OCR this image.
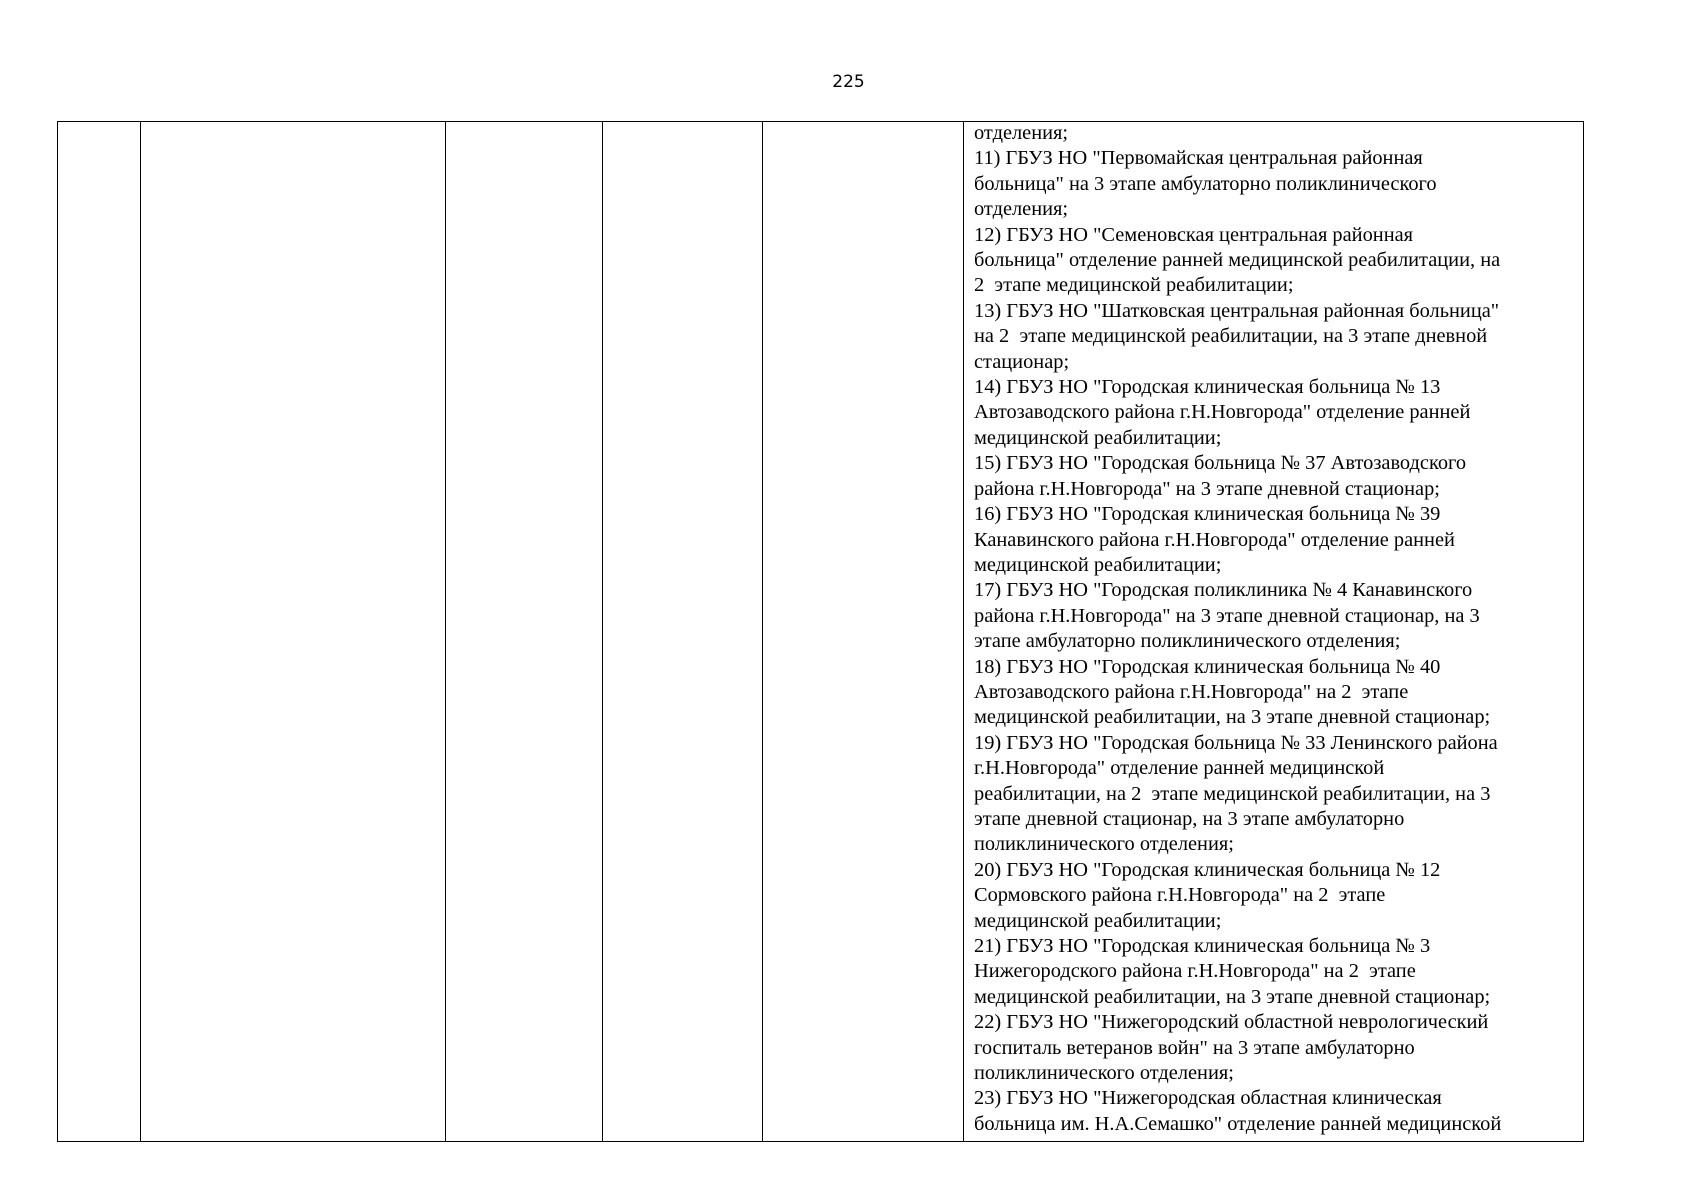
225

отделения;
11) ГБУЗ НО "Первомайская центральная районная
больница" на 3 этапе амбулаторно поликлинического
отделения;
12) ГБУЗ НО "Семеновская центральная районная
больница" отделение ранней медицинской реабилитации, на
2  этапе медицинской реабилитации;
13) ГБУЗ НО "Шатковская центральная районная больница"
на 2  этапе медицинской реабилитации, на 3 этапе дневной
стационар;
14) ГБУЗ НО "Городская клиническая больница № 13
Автозаводского района г.Н.Новгорода" отделение ранней
медицинской реабилитации;
15) ГБУЗ НО "Городская больница № 37 Автозаводского
района г.Н.Новгорода" на 3 этапе дневной стационар;
16) ГБУЗ НО "Городская клиническая больница № 39
Канавинского района г.Н.Новгорода" отделение ранней
медицинской реабилитации;
17) ГБУЗ НО "Городская поликлиника № 4 Канавинского
района г.Н.Новгорода" на 3 этапе дневной стационар, на 3
этапе амбулаторно поликлинического отделения;
18) ГБУЗ НО "Городская клиническая больница № 40
Автозаводского района г.Н.Новгорода" на 2  этапе
медицинской реабилитации, на 3 этапе дневной стационар;
19) ГБУЗ НО "Городская больница № 33 Ленинского района
г.Н.Новгорода" отделение ранней медицинской
реабилитации, на 2  этапе медицинской реабилитации, на 3
этапе дневной стационар, на 3 этапе амбулаторно
поликлинического отделения;
20) ГБУЗ НО "Городская клиническая больница № 12
Сормовского района г.Н.Новгорода" на 2  этапе
медицинской реабилитации;
21) ГБУЗ НО "Городская клиническая больница № 3
Нижегородского района г.Н.Новгорода" на 2  этапе
медицинской реабилитации, на 3 этапе дневной стационар;
22) ГБУЗ НО "Нижегородский областной неврологический
госпиталь ветеранов войн" на 3 этапе амбулаторно
поликлинического отделения;
23) ГБУЗ НО "Нижегородская областная клиническая
больница им. Н.А.Семашко" отделение ранней медицинской
